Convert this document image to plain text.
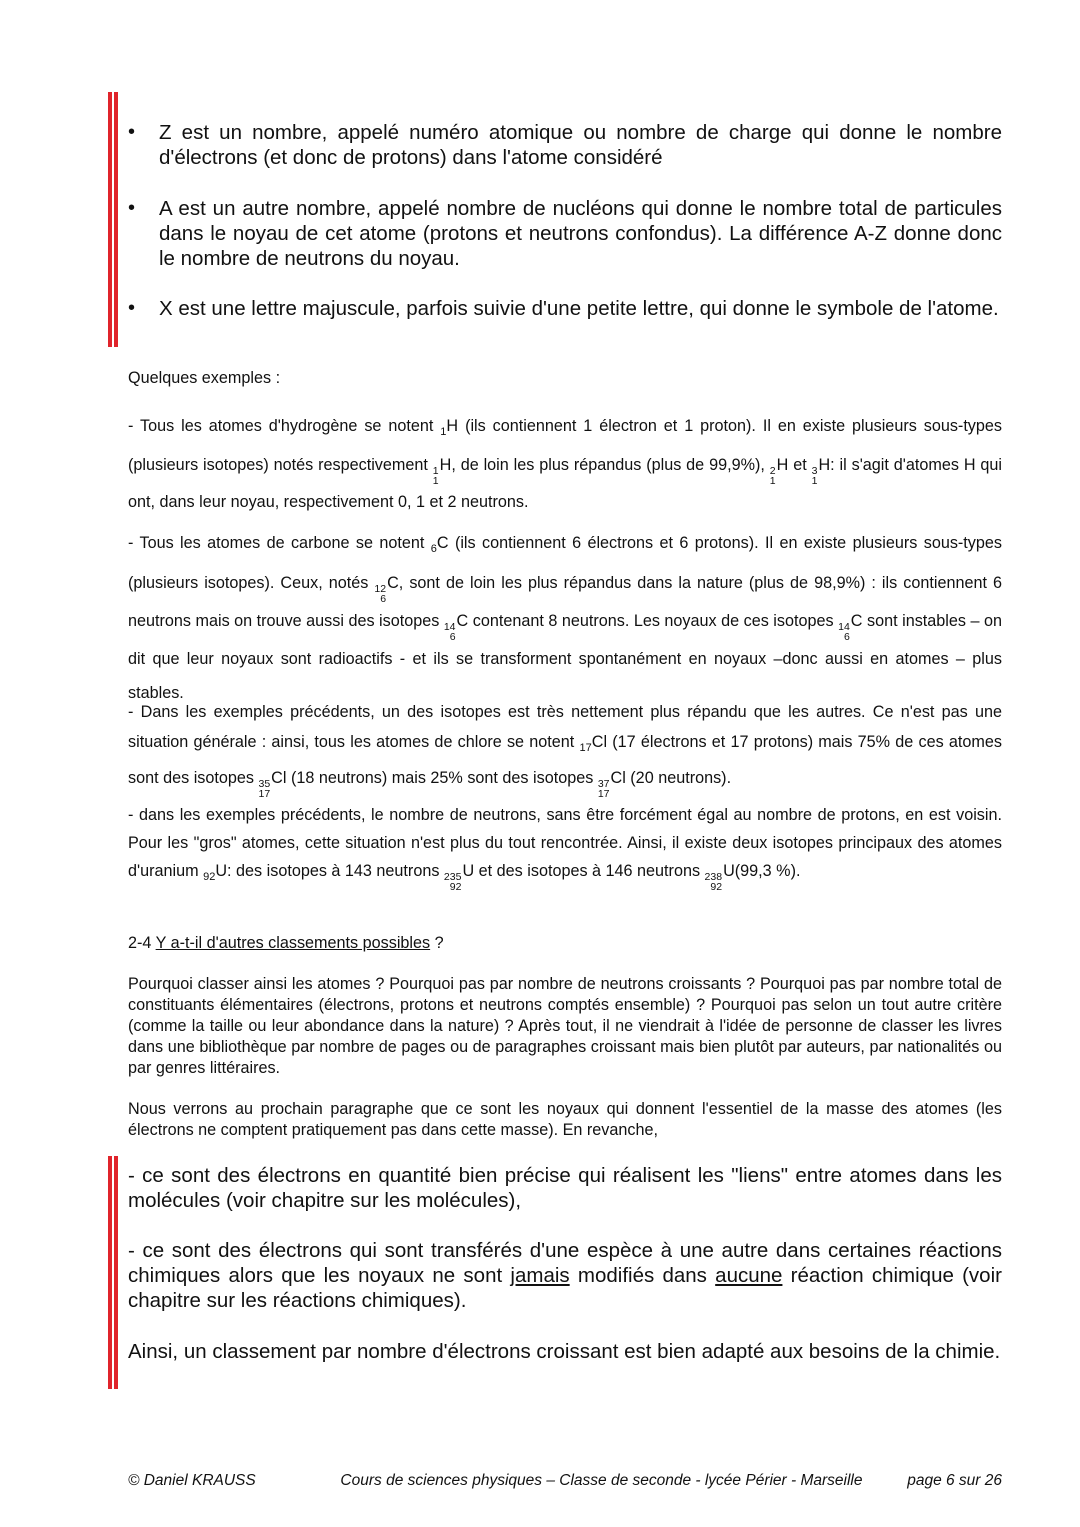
•	Z est un nombre, appelé numéro atomique ou nombre de charge qui donne le nombre d'électrons (et donc de protons) dans l'atome considéré
•	A est un autre nombre, appelé nombre de nucléons qui donne le nombre total de particules dans le noyau de cet atome (protons et neutrons confondus). La différence A-Z donne donc le nombre de neutrons du noyau.
•	X est une lettre majuscule, parfois suivie d'une petite lettre, qui donne le symbole de l'atome.
Quelques exemples :
- Tous les atomes d'hydrogène se notent $_1$H (ils contiennent 1 électron et 1 proton). Il en existe plusieurs sous-types (plusieurs isotopes) notés respectivement 1
1
H, de loin les plus répandus (plus de 99,9%), 2
1
H et 3
1
H: il s'agit d'atomes H qui ont, dans leur noyau, respectivement 0, 1 et 2 neutrons.
- Tous les atomes de carbone se notent $_6$C (ils contiennent 6 électrons et 6 protons). Il en existe plusieurs sous-types (plusieurs isotopes). Ceux, notés 12
6
C, sont de loin les plus répandus dans la nature (plus de 98,9%) : ils contiennent 6 neutrons mais on trouve aussi des isotopes 14
6
C contenant 8 neutrons. Les noyaux de ces isotopes 14
6
C sont instables – on dit que leur noyaux sont radioactifs - et ils se transforment spontanément en noyaux –donc aussi en atomes – plus stables.
- Dans les exemples précédents, un des isotopes est très nettement plus répandu que les autres. Ce n'est pas une situation générale : ainsi, tous les atomes de chlore se notent $_{17}$Cl (17 électrons et 17 protons) mais 75% de ces atomes sont des isotopes 35
17
Cl (18 neutrons) mais 25% sont des isotopes 37
17
Cl (20 neutrons).
- dans les exemples précédents, le nombre de neutrons, sans être forcément égal au nombre de protons, en est voisin. Pour les "gros" atomes, cette situation n'est plus du tout rencontrée. Ainsi, il existe deux isotopes principaux des atomes d'uranium $_{92}$U: des isotopes à 143 neutrons 235
92
U et des isotopes à 146 neutrons 238
92
U(99,3 %).
2-4 Y a-t-il d'autres classements possibles ?
Pourquoi classer ainsi les atomes ? Pourquoi pas par nombre de neutrons croissants ? Pourquoi pas par nombre total de constituants élémentaires (électrons, protons et neutrons comptés ensemble) ? Pourquoi pas selon un tout autre critère (comme la taille ou leur abondance dans la nature) ? Après tout, il ne viendrait à l'idée de personne de classer les livres dans une bibliothèque par nombre de pages ou de paragraphes croissant mais bien plutôt par auteurs, par nationalités ou par genres littéraires.
Nous verrons au prochain paragraphe que ce sont les noyaux qui donnent l'essentiel de la masse des atomes (les électrons ne comptent pratiquement pas dans cette masse). En revanche,
- ce sont des électrons en quantité bien précise qui réalisent les "liens" entre atomes dans les molécules (voir chapitre sur les molécules),
- ce sont des électrons qui sont transférés d'une espèce à une autre dans certaines réactions chimiques alors que les noyaux ne sont jamais modifiés dans aucune réaction chimique (voir chapitre sur les réactions chimiques).
Ainsi, un classement par nombre d'électrons croissant est bien adapté aux besoins de la chimie.
© Daniel KRAUSS	Cours de sciences physiques – Classe de seconde - lycée Périer - Marseille	page 6 sur 26
